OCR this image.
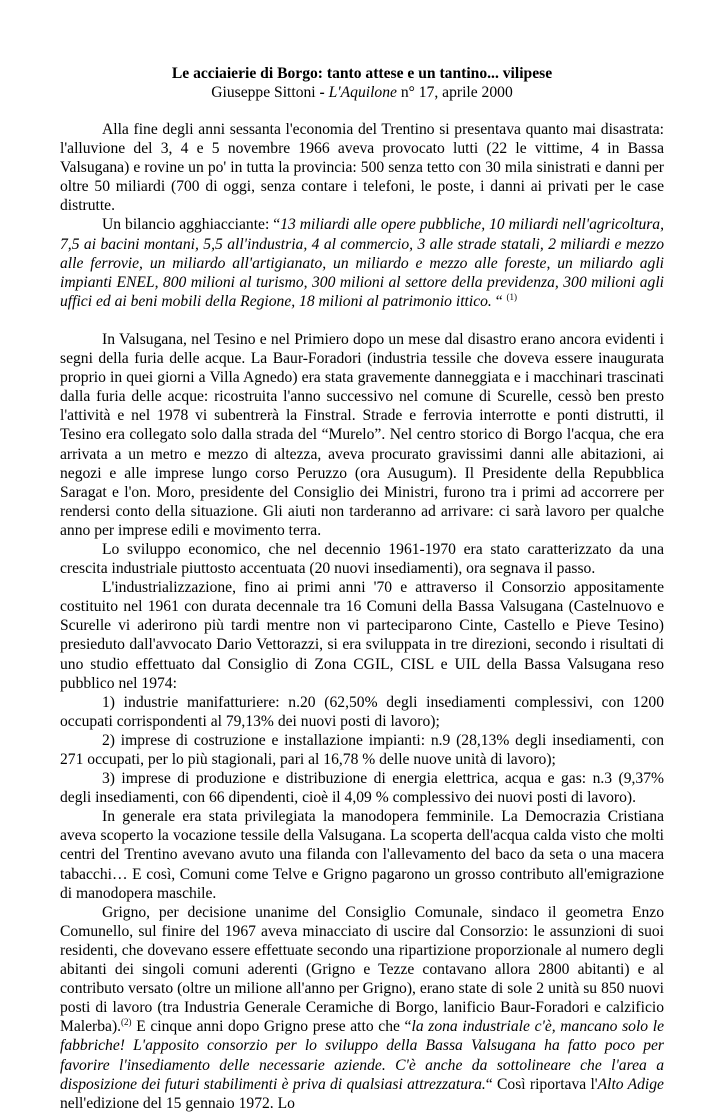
Le acciaierie di Borgo: tanto attese e un tantino... vilipese

Giuseppe Sittoni - L'Aquilone n° 17, aprile 2000

Alla fine degli anni sessanta l'economia del Trentino si presentava quanto mai disastrata: l'alluvione del 3, 4 e 5 novembre 1966 aveva provocato lutti (22 le vittime, 4 in Bassa Valsugana) e rovine un po' in tutta la provincia: 500 senza tetto con 30 mila sinistrati e danni per oltre 50 miliardi (700 di oggi, senza contare i telefoni, le poste, i danni ai privati per le case distrutte.

Un bilancio agghiacciante: “13 miliardi alle opere pubbliche, 10 miliardi nell'agricoltura, 7,5 ai bacini montani, 5,5 all'industria, 4 al commercio, 3 alle strade statali, 2 miliardi e mezzo alle ferrovie, un miliardo all'artigianato, un miliardo e mezzo alle foreste, un miliardo agli impianti ENEL, 800 milioni al turismo, 300 milioni al settore della previdenza, 300 milioni agli uffici ed ai beni mobili della Regione, 18 milioni al patrimonio ittico. “ $^{(1)}$

In Valsugana, nel Tesino e nel Primiero dopo un mese dal disastro erano ancora evidenti i segni della furia delle acque. La Baur-Foradori (industria tessile che doveva essere inaugurata proprio in quei giorni a Villa Agnedo) era stata gravemente danneggiata e i macchinari trascinati dalla furia delle acque: ricostruita l'anno successivo nel comune di Scurelle, cessò ben presto l'attività e nel 1978 vi subentrerà la Finstral. Strade e ferrovia interrotte e ponti distrutti, il Tesino era collegato solo dalla strada del “Murelo”. Nel centro storico di Borgo l'acqua, che era arrivata a un metro e mezzo di altezza, aveva procurato gravissimi danni alle abitazioni, ai negozi e alle imprese lungo corso Peruzzo (ora Ausugum). Il Presidente della Repubblica Saragat e l'on. Moro, presidente del Consiglio dei Ministri, furono tra i primi ad accorrere per rendersi conto della situazione. Gli aiuti non tarderanno ad arrivare: ci sarà lavoro per qualche anno per imprese edili e movimento terra.

Lo sviluppo economico, che nel decennio 1961-1970 era stato caratterizzato da una crescita industriale piuttosto accentuata (20 nuovi insediamenti), ora segnava il passo.

L'industrializzazione, fino ai primi anni '70 e attraverso il Consorzio appositamente costituito nel 1961 con durata decennale tra 16 Comuni della Bassa Valsugana (Castelnuovo e Scurelle vi aderirono più tardi mentre non vi parteciparono Cinte, Castello e Pieve Tesino) presieduto dall'avvocato Dario Vettorazzi, si era sviluppata in tre direzioni, secondo i risultati di uno studio effettuato dal Consiglio di Zona CGIL, CISL e UIL della Bassa Valsugana reso pubblico nel 1974:

1) industrie manifatturiere: n.20 (62,50% degli insediamenti complessivi, con 1200 occupati corrispondenti al 79,13% dei nuovi posti di lavoro);

2) imprese di costruzione e installazione impianti: n.9 (28,13% degli insediamenti, con 271 occupati, per lo più stagionali, pari al 16,78 % delle nuove unità di lavoro);

3) imprese di produzione e distribuzione di energia elettrica, acqua e gas: n.3 (9,37% degli insediamenti, con 66 dipendenti, cioè il 4,09 % complessivo dei nuovi posti di lavoro).

In generale era stata privilegiata la manodopera femminile. La Democrazia Cristiana aveva scoperto la vocazione tessile della Valsugana. La scoperta dell'acqua calda visto che molti centri del Trentino avevano avuto una filanda con l'allevamento del baco da seta o una macera tabacchi… E così, Comuni come Telve e Grigno pagarono un grosso contributo all'emigrazione di manodopera maschile.

Grigno, per decisione unanime del Consiglio Comunale, sindaco il geometra Enzo Comunello, sul finire del 1967 aveva minacciato di uscire dal Consorzio: le assunzioni di suoi residenti, che dovevano essere effettuate secondo una ripartizione proporzionale al numero degli abitanti dei singoli comuni aderenti (Grigno e Tezze contavano allora 2800 abitanti) e al contributo versato (oltre un milione all'anno per Grigno), erano state di sole 2 unità su 850 nuovi posti di lavoro (tra Industria Generale Ceramiche di Borgo, lanificio Baur-Foradori e calzificio Malerba).$^{(2)}$ E cinque anni dopo Grigno prese atto che “la zona industriale c'è, mancano solo le fabbriche! L'apposito consorzio per lo sviluppo della Bassa Valsugana ha fatto poco per favorire l'insediamento delle necessarie aziende. C'è anche da sottolineare che l'area a disposizione dei futuri stabilimenti è priva di qualsiasi attrezzatura.“ Così riportava l'Alto Adige nell'edizione del 15 gennaio 1972. Lo
